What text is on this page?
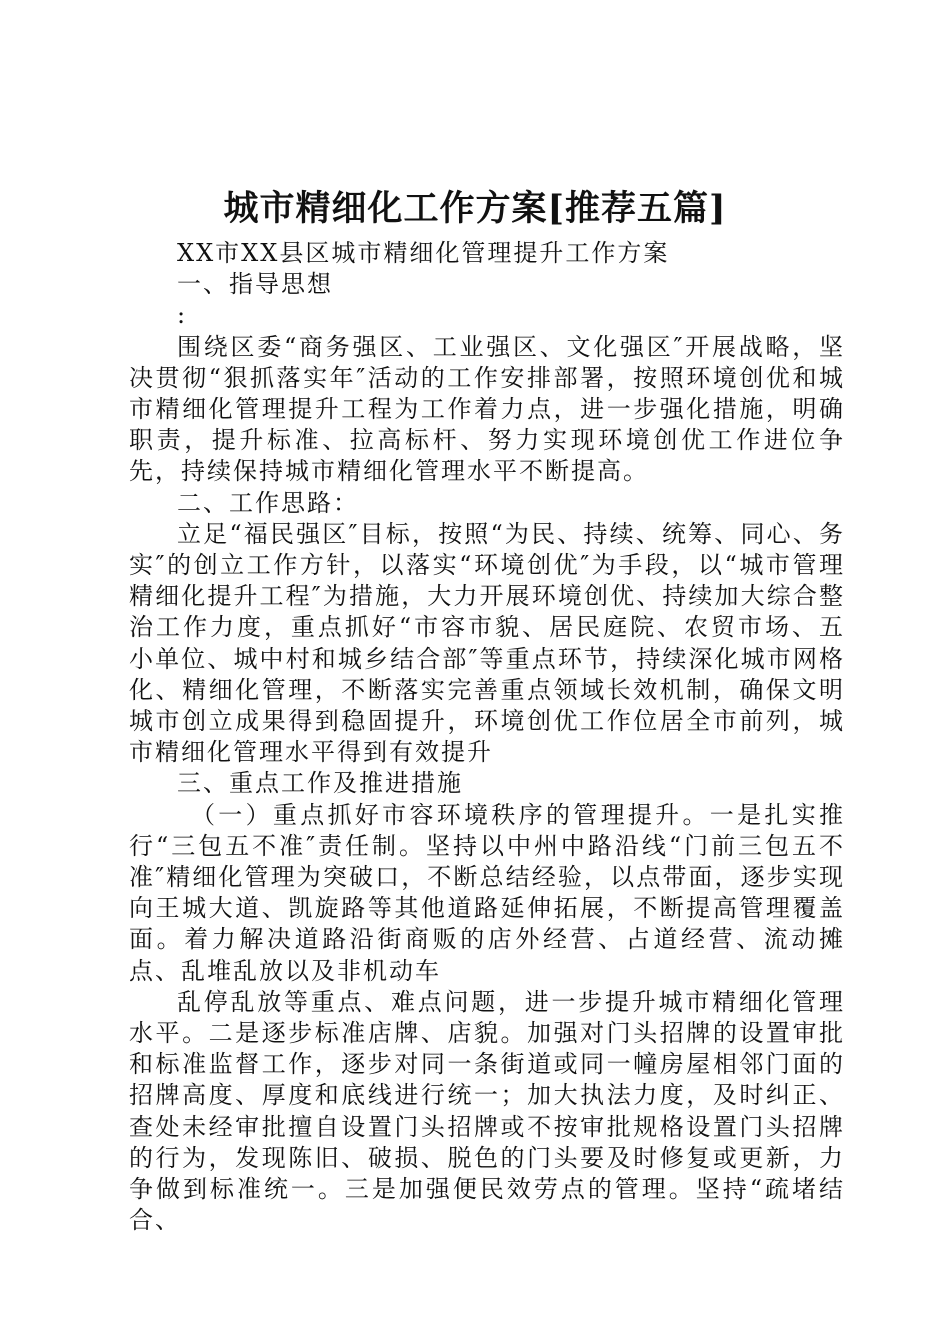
城市精细化工作方案[推荐五篇]

XX市XX县区城市精细化管理提升工作方案

一、指导思想

:

围绕区委“商务强区、工业强区、文化强区″开展战略，坚决贯彻“狠抓落实年″活动的工作安排部署，按照环境创优和城市精细化管理提升工程为工作着力点，进一步强化措施，明确职责，提升标准、拉高标杆、努力实现环境创优工作进位争先，持续保持城市精细化管理水平不断提高。

二、工作思路：

立足“福民强区″目标，按照“为民、持续、统筹、同心、务实″的创立工作方针，以落实“环境创优″为手段，以“城市管理精细化提升工程″为措施，大力开展环境创优、持续加大综合整治工作力度，重点抓好“市容市貌、居民庭院、农贸市场、五小单位、城中村和城乡结合部″等重点环节，持续深化城市网格化、精细化管理，不断落实完善重点领域长效机制，确保文明城市创立成果得到稳固提升，环境创优工作位居全市前列，城市精细化管理水平得到有效提升

三、重点工作及推进措施

（一）重点抓好市容环境秩序的管理提升。一是扎实推行“三包五不准″责任制。坚持以中州中路沿线“门前三包五不准″精细化管理为突破口，不断总结经验，以点带面，逐步实现向王城大道、凯旋路等其他道路延伸拓展，不断提高管理覆盖面。着力解决道路沿街商贩的店外经营、占道经营、流动摊点、乱堆乱放以及非机动车

乱停乱放等重点、难点问题，进一步提升城市精细化管理水平。二是逐步标准店牌、店貌。加强对门头招牌的设置审批和标准监督工作，逐步对同一条街道或同一幢房屋相邻门面的招牌高度、厚度和底线进行统一；加大执法力度，及时纠正、查处未经审批擅自设置门头招牌或不按审批规格设置门头招牌的行为，发现陈旧、破损、脱色的门头要及时修复或更新，力争做到标准统一。三是加强便民效劳点的管理。坚持“疏堵结合、
